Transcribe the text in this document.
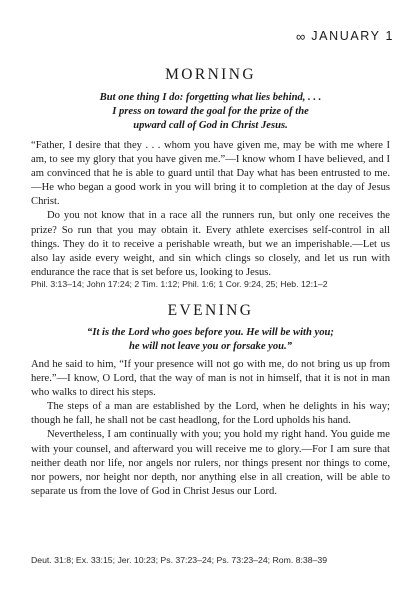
∞ JANUARY 1
MORNING

But one thing I do: forgetting what lies behind, . . .

I press on toward the goal for the prize of the

upward call of God in Christ Jesus.

“Father, I desire that they . . . whom you have given me, may be with me where I am, to see my glory that you have given me.”—I know whom I have believed, and I am convinced that he is able to guard until that Day what has been entrusted to me.—He who began a good work in you will bring it to completion at the day of Jesus Christ.

Do you not know that in a race all the runners run, but only one receives the prize? So run that you may obtain it. Every athlete exercises self-control in all things. They do it to receive a perishable wreath, but we an imperishable.—Let us also lay aside every weight, and sin which clings so closely, and let us run with endurance the race that is set before us, looking to Jesus.

Phil. 3:13–14; John 17:24; 2 Tim. 1:12; Phil. 1:6; 1 Cor. 9:24, 25; Heb. 12:1–2

EVENING

“It is the Lord who goes before you. He will be with you;

he will not leave you or forsake you.”

And he said to him, “If your presence will not go with me, do not bring us up from here.”—I know, O Lord, that the way of man is not in himself, that it is not in man who walks to direct his steps.

The steps of a man are established by the Lord, when he delights in his way; though he fall, he shall not be cast headlong, for the Lord upholds his hand.

Nevertheless, I am continually with you; you hold my right hand. You guide me with your counsel, and afterward you will receive me to glory.—For I am sure that neither death nor life, nor angels nor rulers, nor things present nor things to come, nor powers, nor height nor depth, nor anything else in all creation, will be able to separate us from the love of God in Christ Jesus our Lord.

Deut. 31:8; Ex. 33:15; Jer. 10:23; Ps. 37:23–24; Ps. 73:23–24; Rom. 8:38–39
